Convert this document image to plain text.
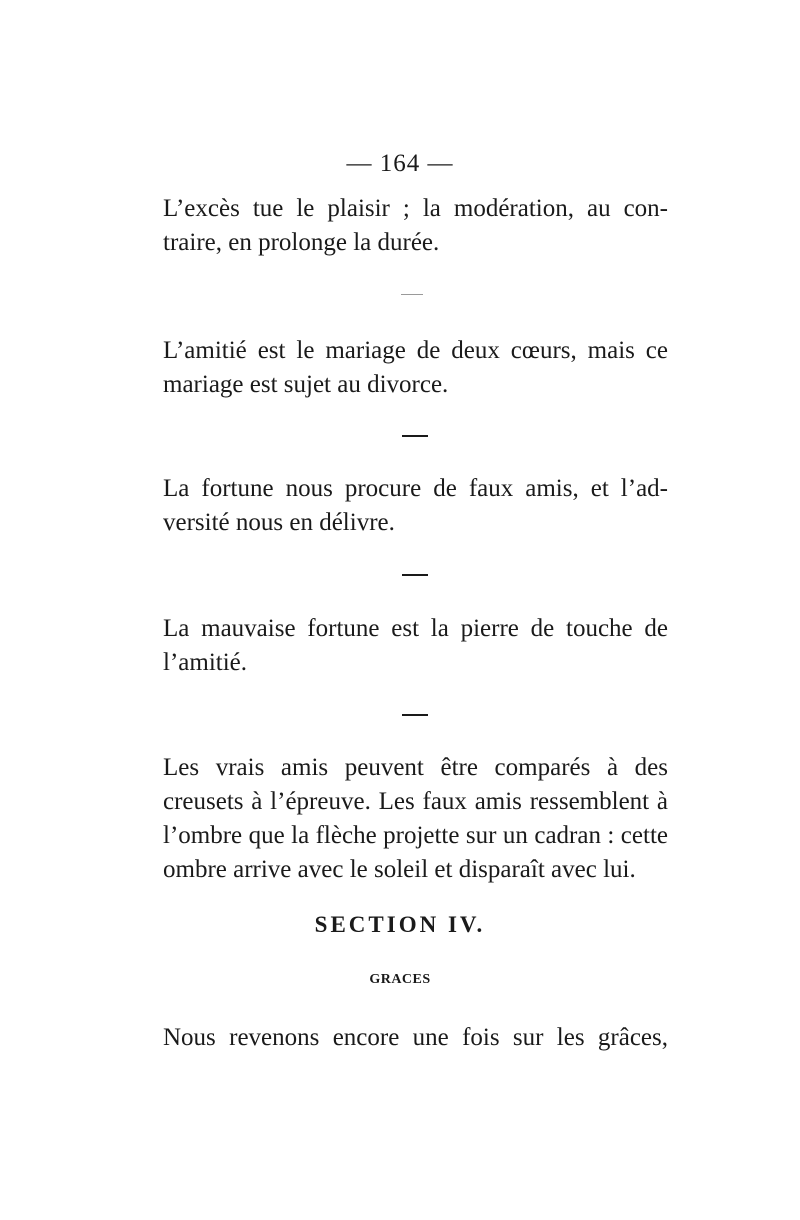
— 164 —

L’excès tue le plaisir ; la modération, au con-
traire, en prolonge la durée.

L’amitié est le mariage de deux cœurs, mais ce
mariage est sujet au divorce.

La fortune nous procure de faux amis, et l’ad-
versité nous en délivre.

La mauvaise fortune est la pierre de touche de
l’amitié.

Les vrais amis peuvent être comparés à des
creusets à l’épreuve. Les faux amis ressemblent à
l’ombre que la flèche projette sur un cadran : cette
ombre arrive avec le soleil et disparaît avec lui.

SECTION IV.
GRACES

Nous revenons encore une fois sur les grâces,
